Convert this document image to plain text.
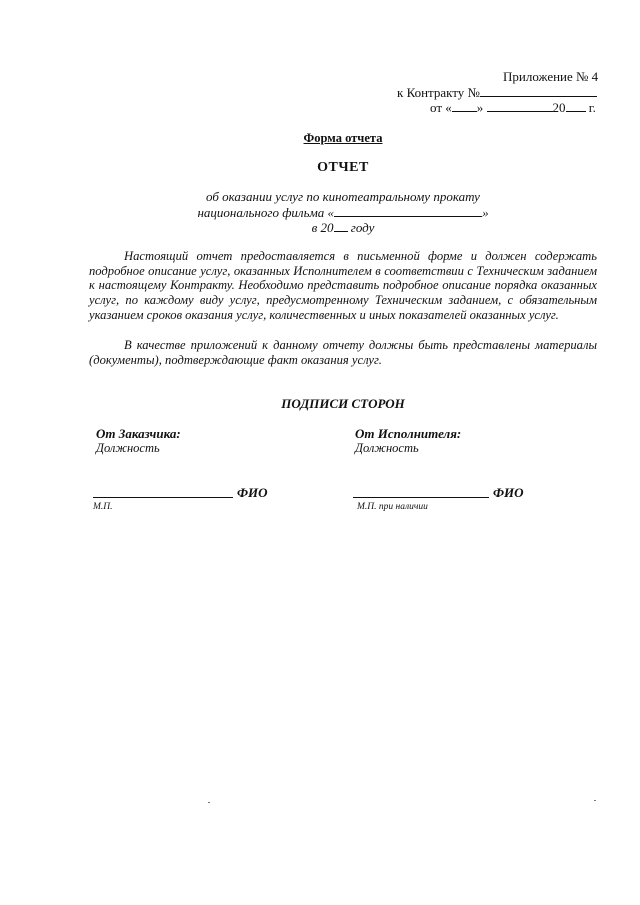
Приложение № 4
к Контракту №
от « »	20 г.
Форма отчета
ОТЧЕТ
об оказании услуг по кинотеатральному прокату
национального фильма «	»
в 20 году
Настоящий отчет предоставляется в письменной форме и должен содержать подробное описание услуг, оказанных Исполнителем в соответствии с Техническим заданием к настоящему Контракту. Необходимо представить подробное описание порядка оказанных услуг, по каждому виду услуг, предусмотренному Техническим заданием, с обязательным указанием сроков оказания услуг, количественных и иных показателей оказанных услуг.
В качестве приложений к данному отчету должны быть представлены материалы (документы), подтверждающие факт оказания услуг.
ПОДПИСИ СТОРОН
От Заказчика:
Должность
От Исполнителя:
Должность
ФИО
М.П.
ФИО
М.П. при наличии
